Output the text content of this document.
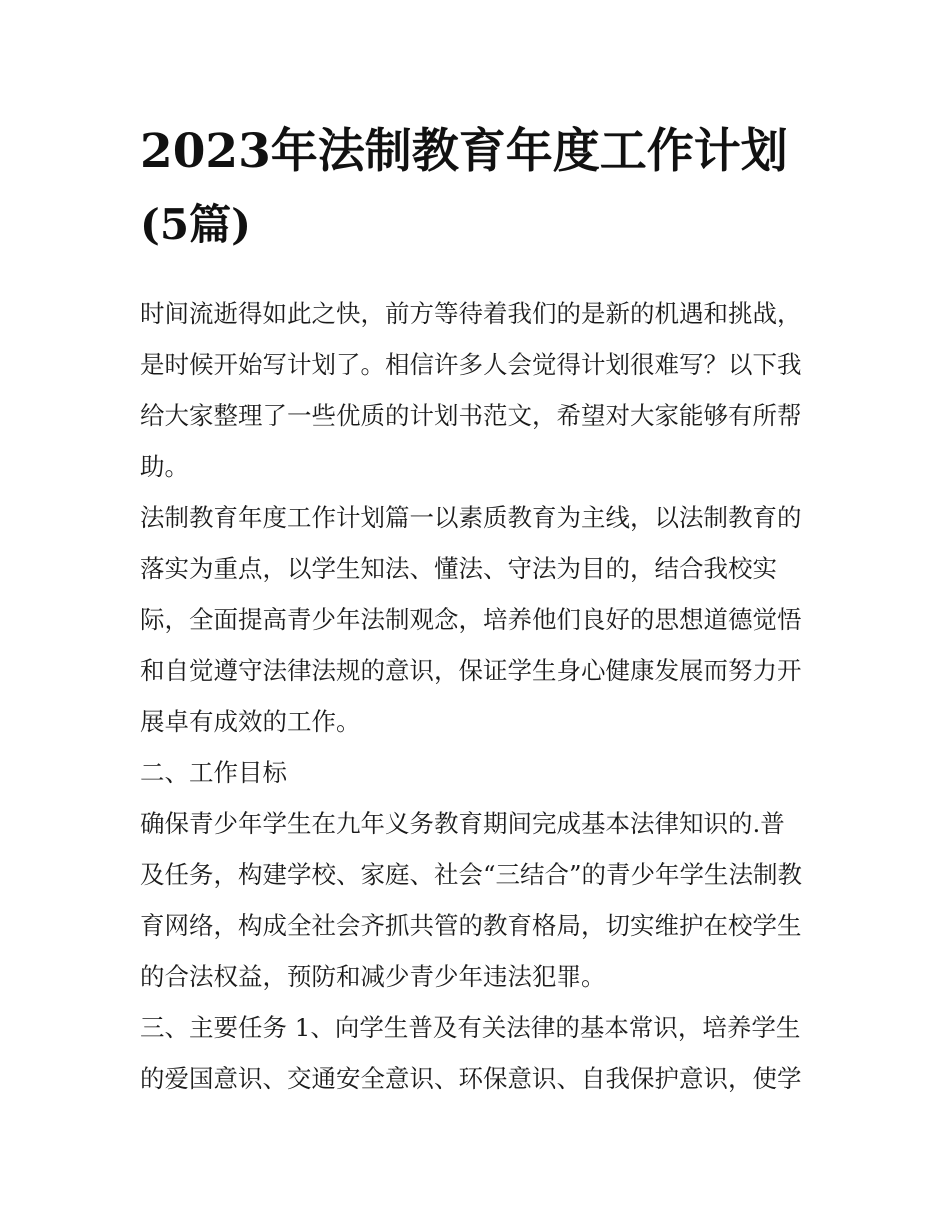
2023年法制教育年度工作计划
(5篇)

时间流逝得如此之快，前方等待着我们的是新的机遇和挑战，
是时候开始写计划了。相信许多人会觉得计划很难写？以下我
给大家整理了一些优质的计划书范文，希望对大家能够有所帮
助。

法制教育年度工作计划篇一以素质教育为主线，以法制教育的
落实为重点，以学生知法、懂法、守法为目的，结合我校实
际，全面提高青少年法制观念，培养他们良好的思想道德觉悟
和自觉遵守法律法规的意识，保证学生身心健康发展而努力开
展卓有成效的工作。

二、工作目标

确保青少年学生在九年义务教育期间完成基本法律知识的.普
及任务，构建学校、家庭、社会“三结合”的青少年学生法制教
育网络，构成全社会齐抓共管的教育格局，切实维护在校学生
的合法权益，预防和减少青少年违法犯罪。

三、主要任务 1、向学生普及有关法律的基本常识，培养学生
的爱国意识、交通安全意识、环保意识、自我保护意识，使学
